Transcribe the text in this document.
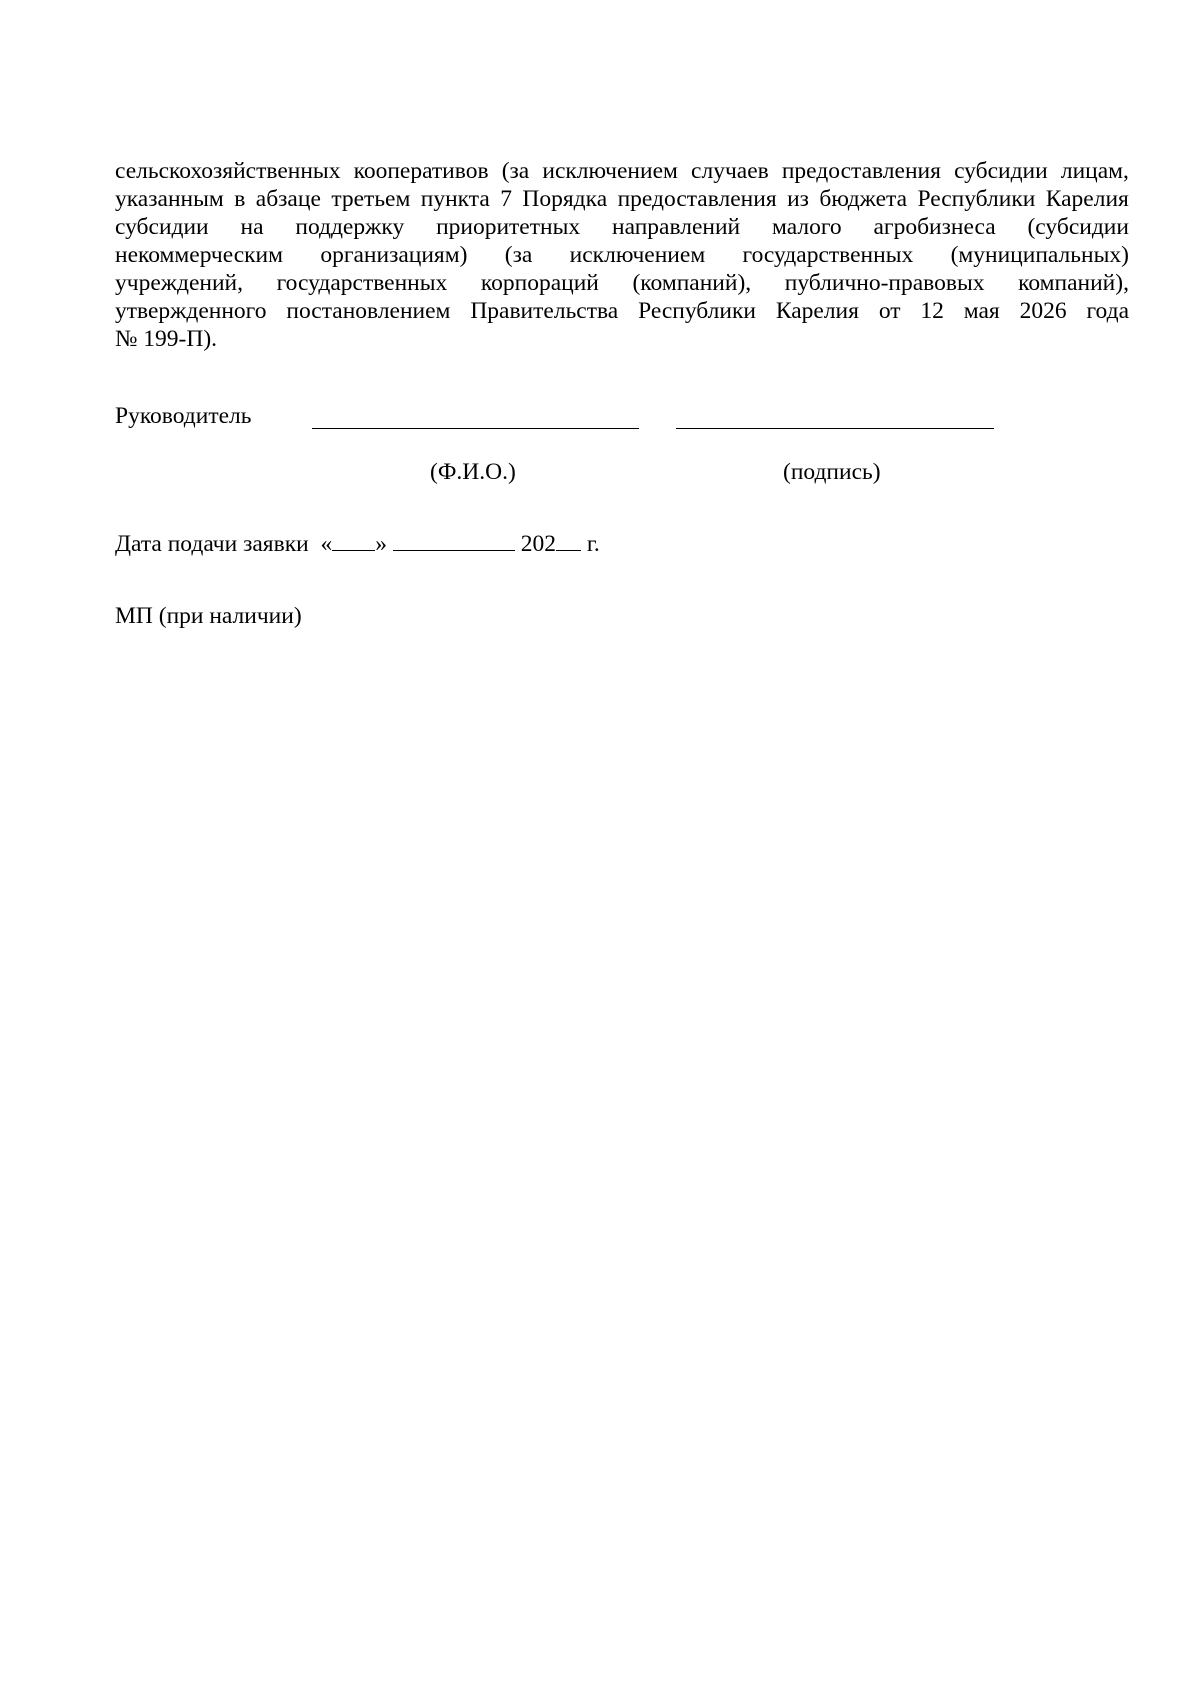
сельскохозяйственных кооперативов (за исключением случаев предоставления субсидии лицам,
указанным в абзаце третьем пункта 7 Порядка предоставления из бюджета Республики Карелия
субсидии на поддержку приоритетных направлений малого агробизнеса (субсидии
некоммерческим организациям) (за исключением государственных (муниципальных)
учреждений, государственных корпораций (компаний), публично-правовых компаний),
утвержденного постановлением Правительства Республики Карелия от 12 мая 2026 года
№ 199-П).
Руководитель
(Ф.И.О.)	(подпись)
Дата подачи заявки « »	202 г.
МП (при наличии)
